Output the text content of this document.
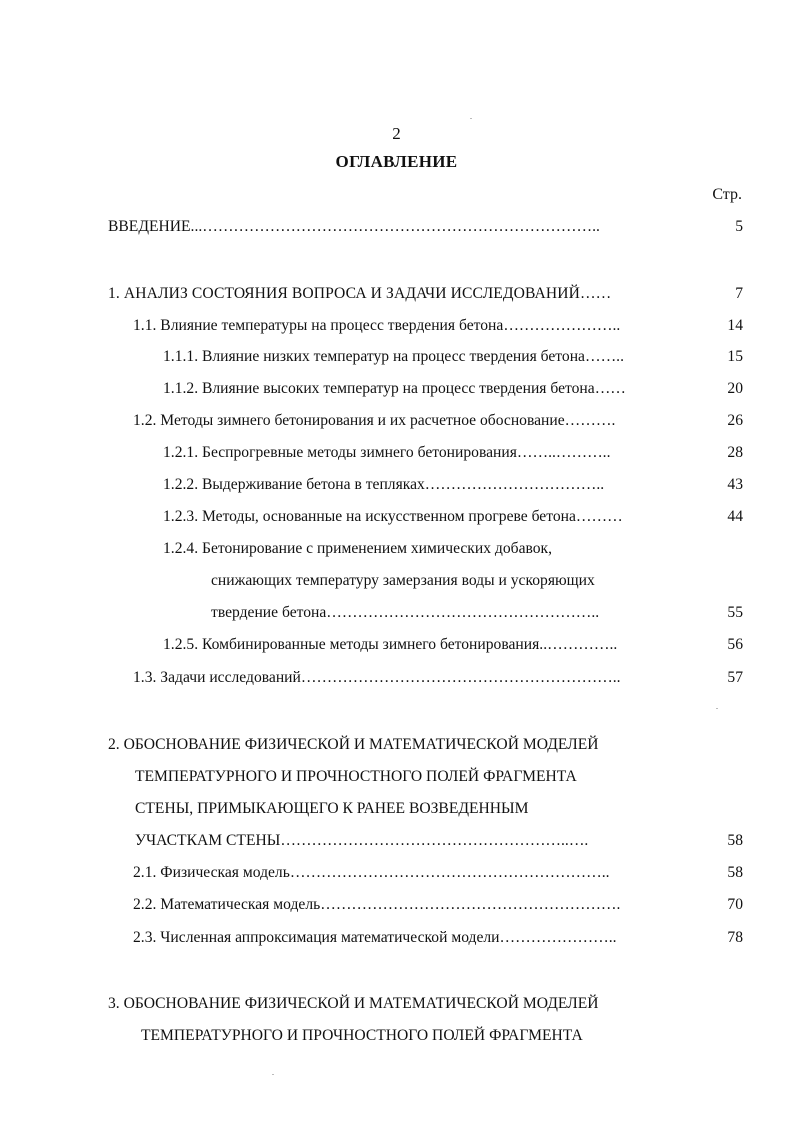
2
ОГЛАВЛЕНИЕ
Стр.
ВВЕДЕНИЕ...…………………………………………………………………..	5
1. АНАЛИЗ СОСТОЯНИЯ ВОПРОСА И ЗАДАЧИ ИССЛЕДОВАНИЙ……	7
1.1. Влияние температуры на процесс твердения бетона…………………..	14
1.1.1. Влияние низких температур на процесс твердения бетона……..	15
1.1.2. Влияние высоких температур на процесс твердения бетона……	20
1.2. Методы зимнего бетонирования и их расчетное обоснование……….	26
1.2.1. Беспрогревные методы зимнего бетонирования……..………..	28
1.2.2. Выдерживание бетона в тепляках……………………………..	43
1.2.3. Методы, основанные на искусственном прогреве бетона………	44
1.2.4. Бетонирование с применением химических добавок,
снижающих температуру замерзания воды и ускоряющих
твердение бетона……………………………………………..	55
1.2.5. Комбинированные методы зимнего бетонирования..…………..	56
1.3. Задачи исследований……………………………………………………..	57
2. ОБОСНОВАНИЕ ФИЗИЧЕСКОЙ И МАТЕМАТИЧЕСКОЙ МОДЕЛЕЙ
ТЕМПЕРАТУРНОГО И ПРОЧНОСТНОГО ПОЛЕЙ ФРАГМЕНТА
СТЕНЫ, ПРИМЫКАЮЩЕГО К РАНЕЕ ВОЗВЕДЕННЫМ
УЧАСТКАМ СТЕНЫ………………………………………………..….	58
2.1. Физическая модель……………………………………………………..	58
2.2. Математическая модель………………………………………………….	70
2.3. Численная аппроксимация математической модели…………………..	78
3. ОБОСНОВАНИЕ ФИЗИЧЕСКОЙ И МАТЕМАТИЧЕСКОЙ МОДЕЛЕЙ
ТЕМПЕРАТУРНОГО И ПРОЧНОСТНОГО ПОЛЕЙ ФРАГМЕНТА
